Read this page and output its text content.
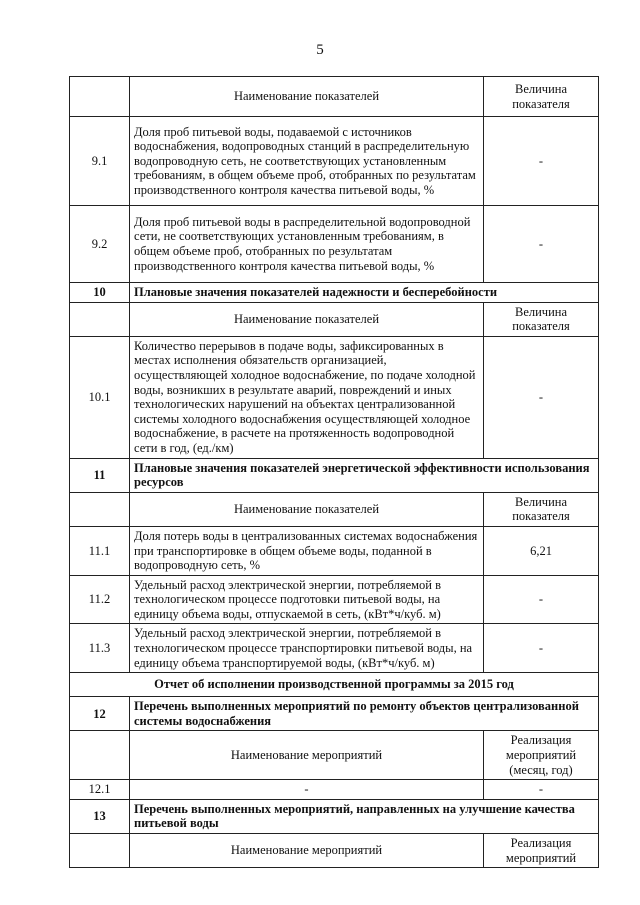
5
	Наименование показателей	Величина показателя
9.1	Доля проб питьевой воды, подаваемой с источников водоснабжения, водопроводных станций в распределительную водопроводную сеть, не соответствующих установленным требованиям, в общем объеме проб, отобранных по результатам производственного контроля качества питьевой воды, %	-
9.2	Доля проб питьевой воды в распределительной водопроводной сети, не соответствующих установленным требованиям, в общем объеме проб, отобранных по результатам производственного контроля качества питьевой воды, %	-
10	Плановые значения показателей надежности и бесперебойности	
	Наименование показателей	Величина показателя
10.1	Количество перерывов в подаче воды, зафиксированных в местах исполнения обязательств организацией, осуществляющей холодное водоснабжение, по подаче холодной воды, возникших в результате аварий, повреждений и иных технологических нарушений на объектах централизованной системы холодного водоснабжения осуществляющей холодное водоснабжение, в расчете на протяженность водопроводной сети в год, (ед./км)	-
11	Плановые значения показателей энергетической эффективности использования ресурсов	
	Наименование показателей	Величина показателя
11.1	Доля потерь воды в централизованных системах водоснабжения при транспортировке в общем объеме воды, поданной в водопроводную сеть, %	6,21
11.2	Удельный расход электрической энергии, потребляемой в технологическом процессе подготовки питьевой воды, на единицу объема воды, отпускаемой в сеть, (кВт*ч/куб. м)	-
11.3	Удельный расход электрической энергии, потребляемой в технологическом процессе транспортировки питьевой воды, на единицу объема транспортируемой воды, (кВт*ч/куб. м)	-
Отчет об исполнении производственной программы за 2015 год		
12	Перечень выполненных мероприятий по ремонту объектов централизованной системы водоснабжения	
	Наименование мероприятий	Реализация мероприятий (месяц, год)
12.1	-	-
13	Перечень выполненных мероприятий, направленных на улучшение качества питьевой воды	
	Наименование мероприятий	Реализация мероприятий
